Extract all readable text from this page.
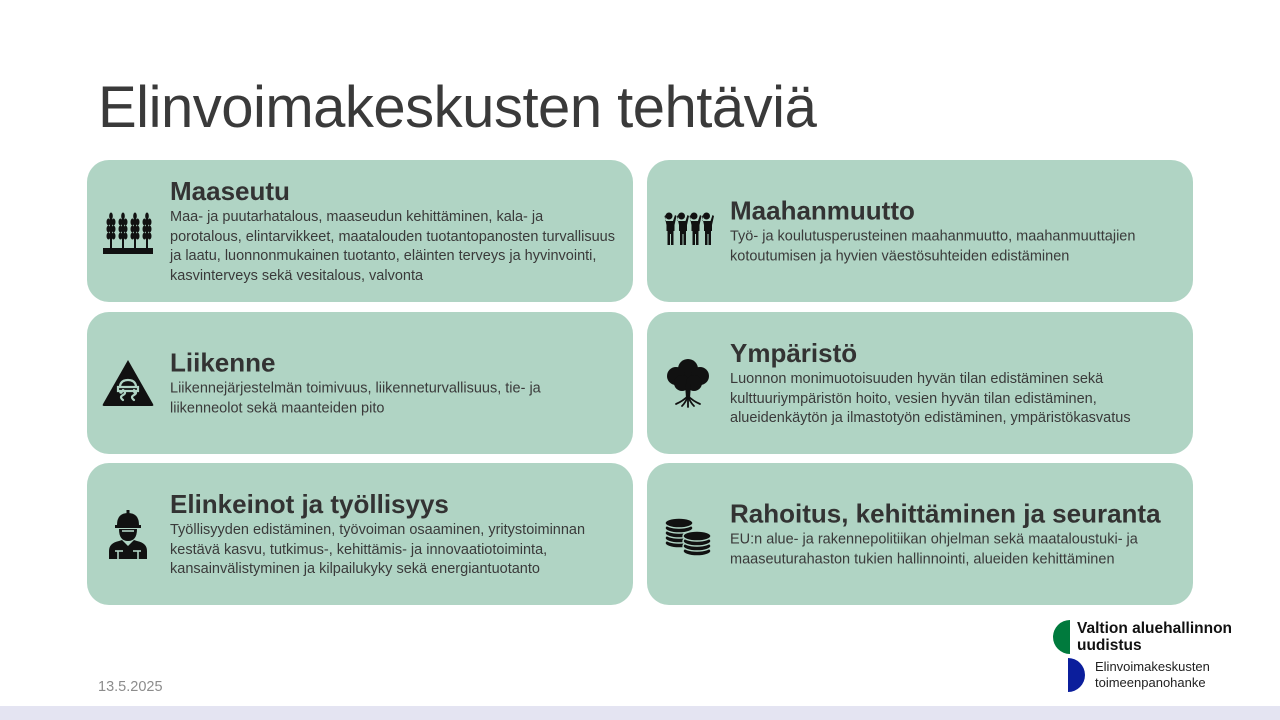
Elinvoimakeskusten tehtäviä
Maaseutu

Maa- ja puutarhatalous, maaseudun kehittäminen, kala- ja porotalous, elintarvikkeet, maatalouden tuotantopanosten turvallisuus ja laatu, luonnonmukainen tuotanto, eläinten terveys ja hyvinvointi, kasvinterveys sekä vesitalous, valvonta

Maahanmuutto

Työ- ja koulutusperusteinen maahanmuutto, maahanmuuttajien kotoutumisen ja hyvien väestösuhteiden edistäminen

Liikenne

Liikennejärjestelmän toimivuus, liikenneturvallisuus, tie- ja liikenneolot sekä maanteiden pito

Ympäristö

Luonnon monimuotoisuuden hyvän tilan edistäminen sekä kulttuuriympäristön hoito, vesien hyvän tilan edistäminen, alueidenkäytön ja ilmastotyön edistäminen, ympäristökasvatus

Elinkeinot ja työllisyys

Työllisyyden edistäminen, työvoiman osaaminen, yritystoiminnan kestävä kasvu, tutkimus-, kehittämis- ja innovaatiotoiminta, kansainvälistyminen ja kilpailukyky sekä energiantuotanto

Rahoitus, kehittäminen ja seuranta

EU:n alue- ja rakennepolitiikan ohjelman sekä maataloustuki- ja maaseuturahaston tukien hallinnointi, alueiden kehittäminen

13.5.2025
Valtion aluehallinnon uudistus
Elinvoimakeskusten toimeenpanohanke
